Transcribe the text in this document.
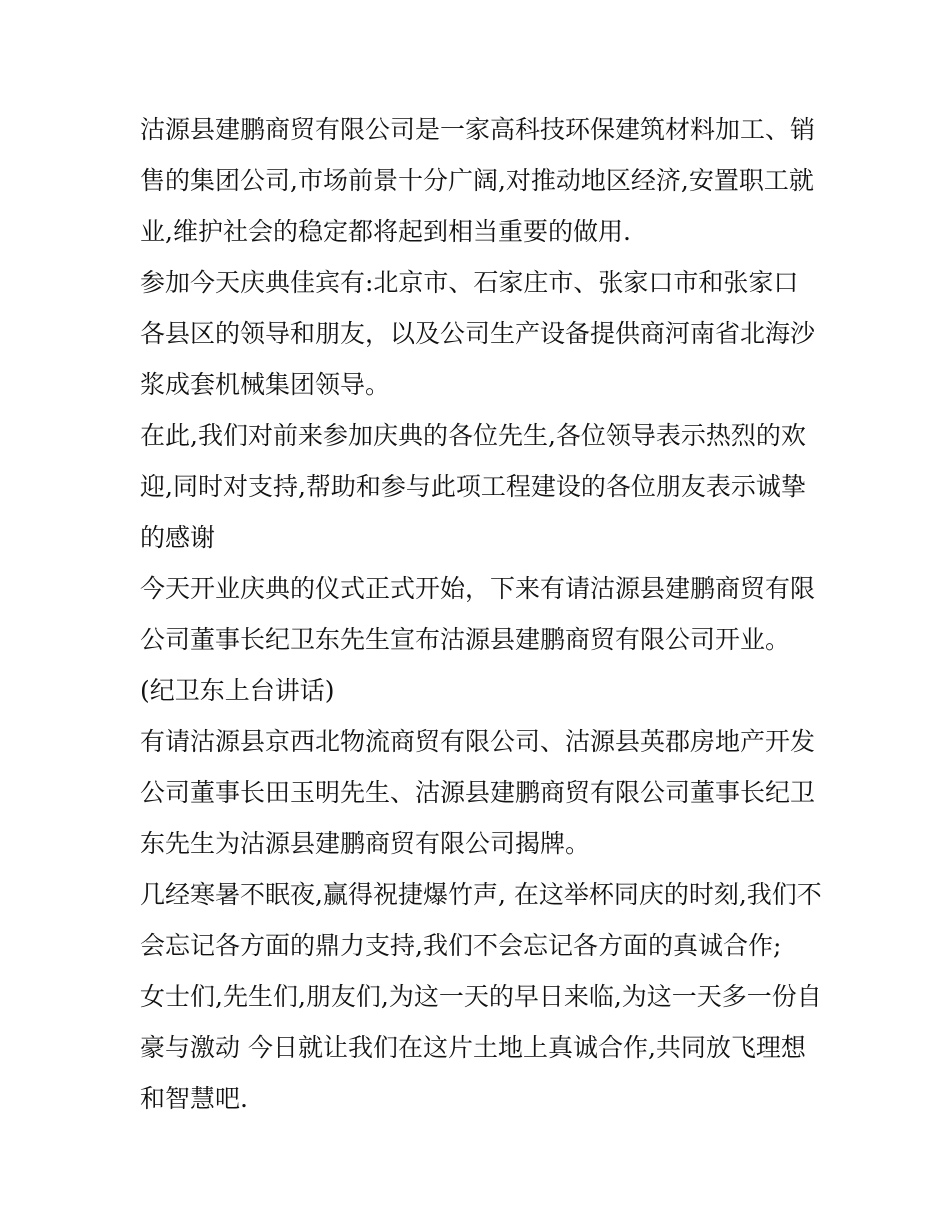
沽源县建鹏商贸有限公司是一家高科技环保建筑材料加工、销
售的集团公司,市场前景十分广阔,对推动地区经济,安置职工就
业,维护社会的稳定都将起到相当重要的做用.

参加今天庆典佳宾有:北京市、石家庄市、张家口市和张家口
各县区的领导和朋友，以及公司生产设备提供商河南省北海沙
浆成套机械集团领导。

在此,我们对前来参加庆典的各位先生,各位领导表示热烈的欢
迎,同时对支持,帮助和参与此项工程建设的各位朋友表示诚挚
的感谢

今天开业庆典的仪式正式开始，下来有请沽源县建鹏商贸有限
公司董事长纪卫东先生宣布沽源县建鹏商贸有限公司开业。

(纪卫东上台讲话)

有请沽源县京西北物流商贸有限公司、沽源县英郡房地产开发
公司董事长田玉明先生、沽源县建鹏商贸有限公司董事长纪卫
东先生为沽源县建鹏商贸有限公司揭牌。

几经寒暑不眠夜,赢得祝捷爆竹声, 在这举杯同庆的时刻,我们不
会忘记各方面的鼎力支持,我们不会忘记各方面的真诚合作;

女士们,先生们,朋友们,为这一天的早日来临,为这一天多一份自
豪与激动 今日就让我们在这片土地上真诚合作,共同放飞理想
和智慧吧.
